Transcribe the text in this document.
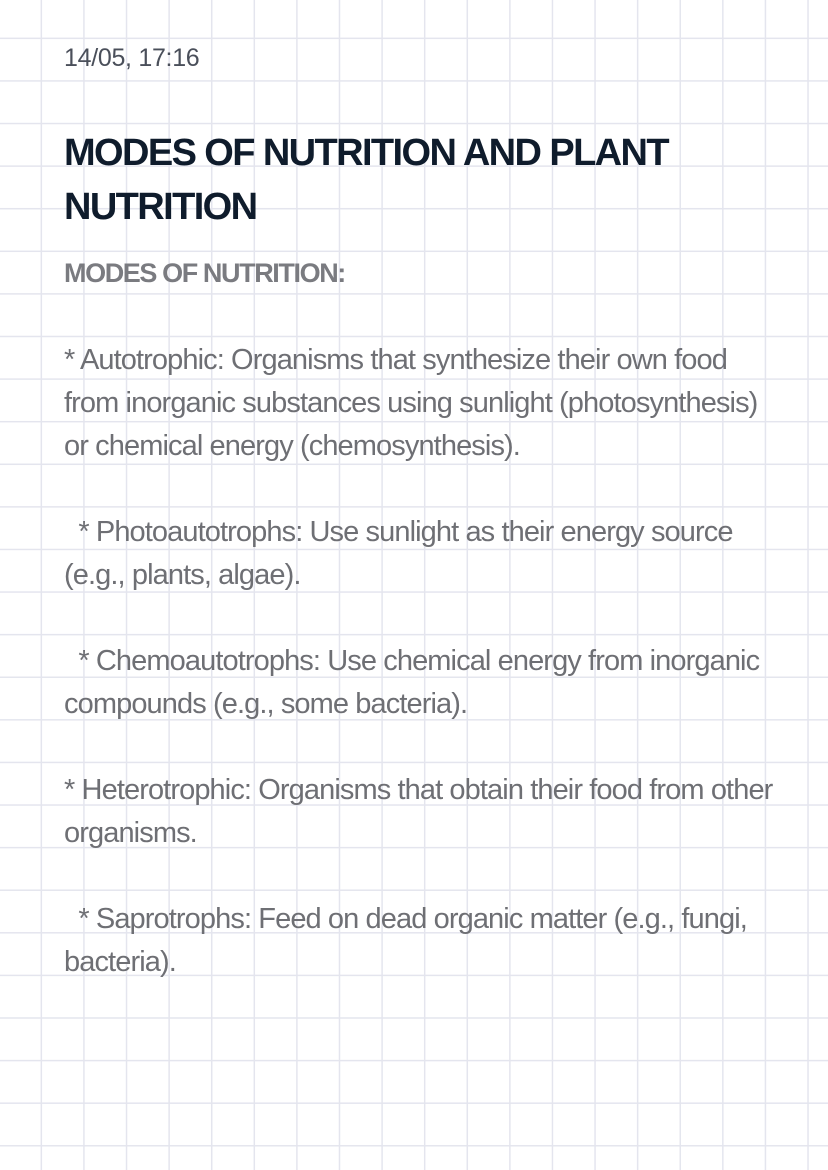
14/05, 17:16
MODES OF NUTRITION AND PLANT NUTRITION

MODES OF NUTRITION:

* Autotrophic: Organisms that synthesize their own food from inorganic substances using sunlight (photosynthesis) or chemical energy (chemosynthesis).

* Photoautotrophs: Use sunlight as their energy source (e.g., plants, algae).

* Chemoautotrophs: Use chemical energy from inorganic compounds (e.g., some bacteria).

* Heterotrophic: Organisms that obtain their food from other organisms.

* Saprotrophs: Feed on dead organic matter (e.g., fungi, bacteria).
